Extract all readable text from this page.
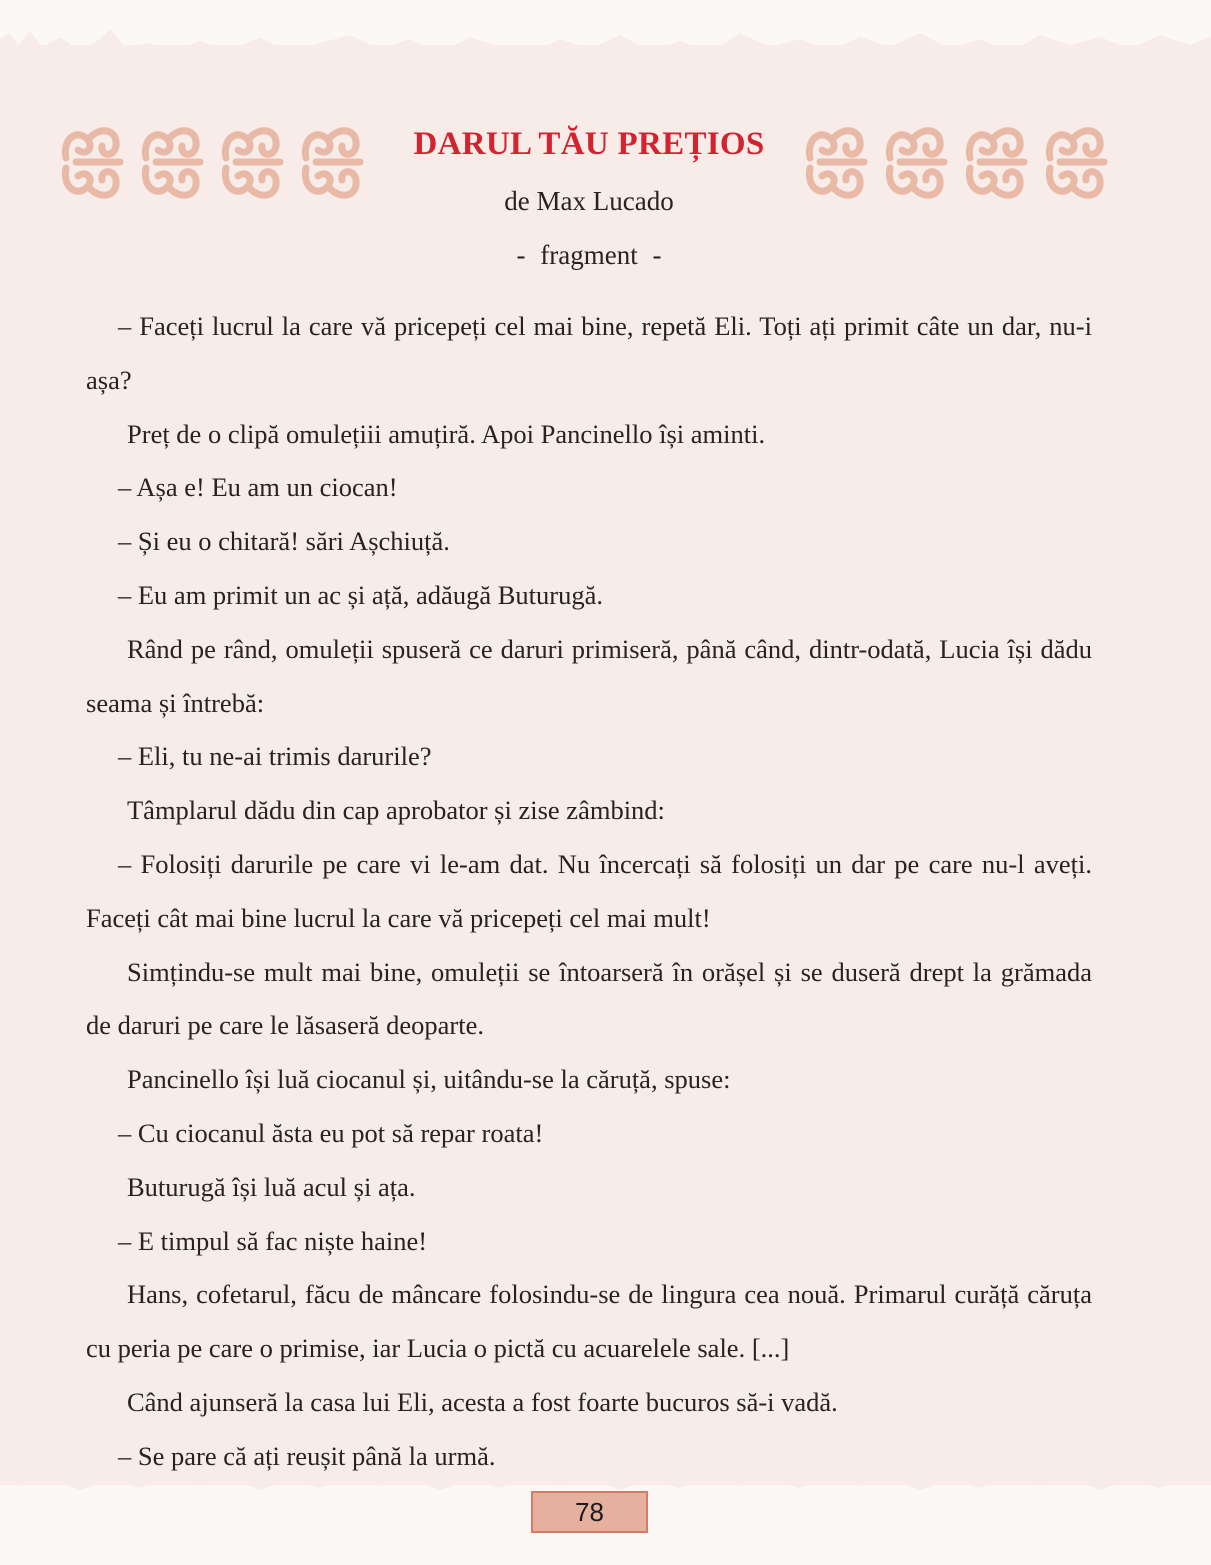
DARUL TĂU PREȚIOS
de Max Lucado
- fragment -

– Faceți lucrul la care vă pricepeți cel mai bine, repetă Eli. Toți ați primit câte un dar, nu-i așa?

Preț de o clipă omulețiii amuțiră. Apoi Pancinello își aminti.

– Așa e! Eu am un ciocan!

– Și eu o chitară! sări Așchiuță.

– Eu am primit un ac și ață, adăugă Buturugă.

Rând pe rând, omuleții spuseră ce daruri primiseră, până când, dintr-odată, Lucia își dădu seama și întrebă:

– Eli, tu ne-ai trimis darurile?

Tâmplarul dădu din cap aprobator și zise zâmbind:

– Folosiți darurile pe care vi le-am dat. Nu încercați să folosiți un dar pe care nu-l aveți. Faceți cât mai bine lucrul la care vă pricepeți cel mai mult!

Simțindu-se mult mai bine, omuleții se întoarseră în orășel și se duseră drept la grămada de daruri pe care le lăsaseră deoparte.

Pancinello își luă ciocanul și, uitându-se la căruță, spuse:

– Cu ciocanul ăsta eu pot să repar roata!

Buturugă își luă acul și ața.

– E timpul să fac niște haine!

Hans, cofetarul, făcu de mâncare folosindu-se de lingura cea nouă. Primarul curăță căruța cu peria pe care o primise, iar Lucia o pictă cu acuarelele sale. [...]

Când ajunseră la casa lui Eli, acesta a fost foarte bucuros să-i vadă.

– Se pare că ați reușit până la urmă.

78
